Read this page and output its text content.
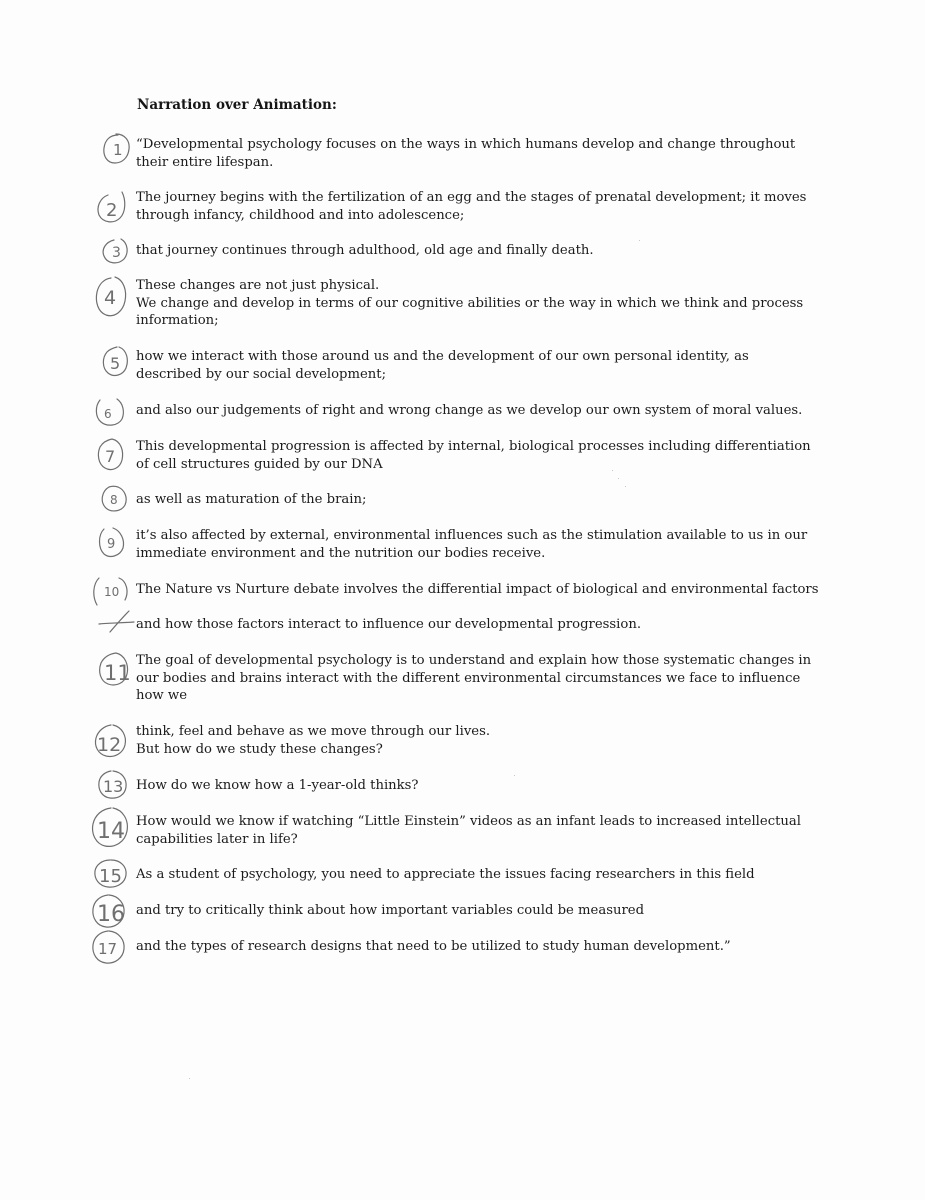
Narration over Animation:

“Developmental psychology focuses on the ways in which humans develop and change throughout
their entire lifespan.

1

The journey begins with the fertilization of an egg and the stages of prenatal development; it moves
through infancy, childhood and into adolescence;

2

that journey continues through adulthood, old age and finally death.

3

These changes are not just physical.
We change and develop in terms of our cognitive abilities or the way in which we think and process
information;

4

how we interact with those around us and the development of our own personal identity, as
described by our social development;

5

and also our judgements of right and wrong change as we develop our own system of moral values.

6

This developmental progression is affected by internal, biological processes including differentiation
of cell structures guided by our DNA

7

as well as maturation of the brain;

8

it’s also affected by external, environmental influences such as the stimulation available to us in our
immediate environment and the nutrition our bodies receive.

9

The Nature vs Nurture debate involves the differential impact of biological and environmental factors

10

and how those factors interact to influence our developmental progression.

The goal of developmental psychology is to understand and explain how those systematic changes in
our bodies and brains interact with the different environmental circumstances we face to influence
how we

11

think, feel and behave as we move through our lives.
But how do we study these changes?

12

How do we know how a 1-year-old thinks?

13

How would we know if watching “Little Einstein” videos as an infant leads to increased intellectual
capabilities later in life?

14

As a student of psychology, you need to appreciate the issues facing researchers in this field

15

and try to critically think about how important variables could be measured

16

and the types of research designs that need to be utilized to study human development.”

17
